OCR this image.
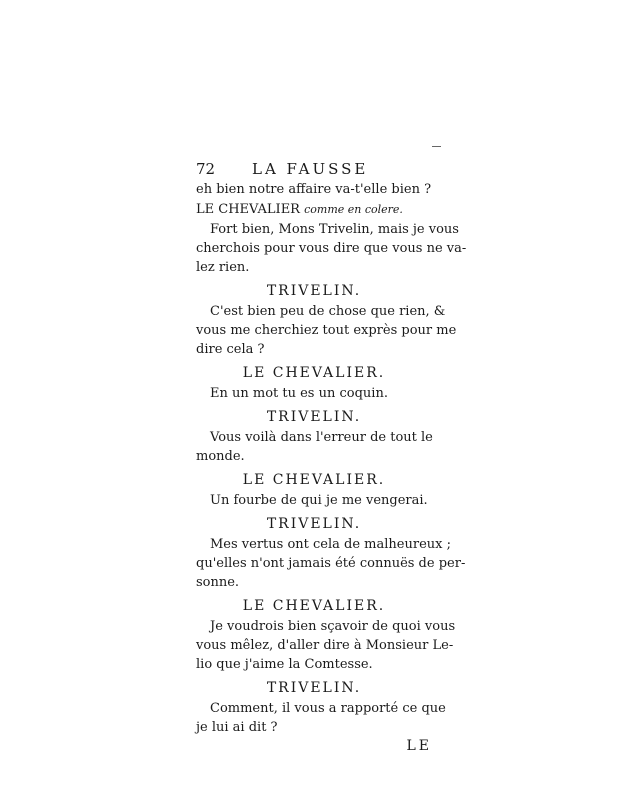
72	LA FAUSSE
eh bien notre affaire va-t'elle bien ?
LE CHEVALIER comme en colere.
Fort bien, Mons Trivelin, mais je vous
cherchois pour vous dire que vous ne va-
lez rien.
TRIVELIN.
C'est bien peu de chose que rien, &
vous me cherchiez tout exprès pour me
dire cela ?
LE CHEVALIER.
En un mot tu es un coquin.
TRIVELIN.
Vous voilà dans l'erreur de tout le
monde.
LE CHEVALIER.
Un fourbe de qui je me vengerai.
TRIVELIN.
Mes vertus ont cela de malheureux ;
qu'elles n'ont jamais été connuës de per-
sonne.
LE CHEVALIER.
Je voudrois bien sçavoir de quoi vous
vous mêlez, d'aller dire à Monsieur Le-
lio que j'aime la Comtesse.
TRIVELIN.
Comment, il vous a rapporté ce que
je lui ai dit ?
LE
